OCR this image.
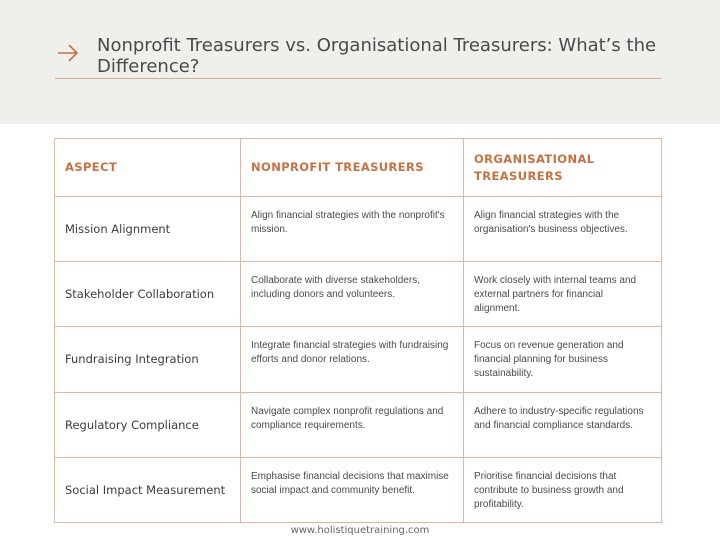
Nonprofit Treasurers vs. Organisational Treasurers: What’s the Difference?
ASPECT	NONPROFIT TREASURERS	ORGANISATIONAL TREASURERS
Mission Alignment	Align financial strategies with the nonprofit's mission.	Align financial strategies with the organisation's business objectives.
Stakeholder Collaboration	Collaborate with diverse stakeholders, including donors and volunteers.	Work closely with internal teams and external partners for financial alignment.
Fundraising Integration	Integrate financial strategies with fundraising efforts and donor relations.	Focus on revenue generation and financial planning for business sustainability.
Regulatory Compliance	Navigate complex nonprofit regulations and compliance requirements.	Adhere to industry-specific regulations and financial compliance standards.
Social Impact Measurement	Emphasise financial decisions that maximise social impact and community benefit.	Prioritise financial decisions that contribute to business growth and profitability.
www.holistiquetraining.com
